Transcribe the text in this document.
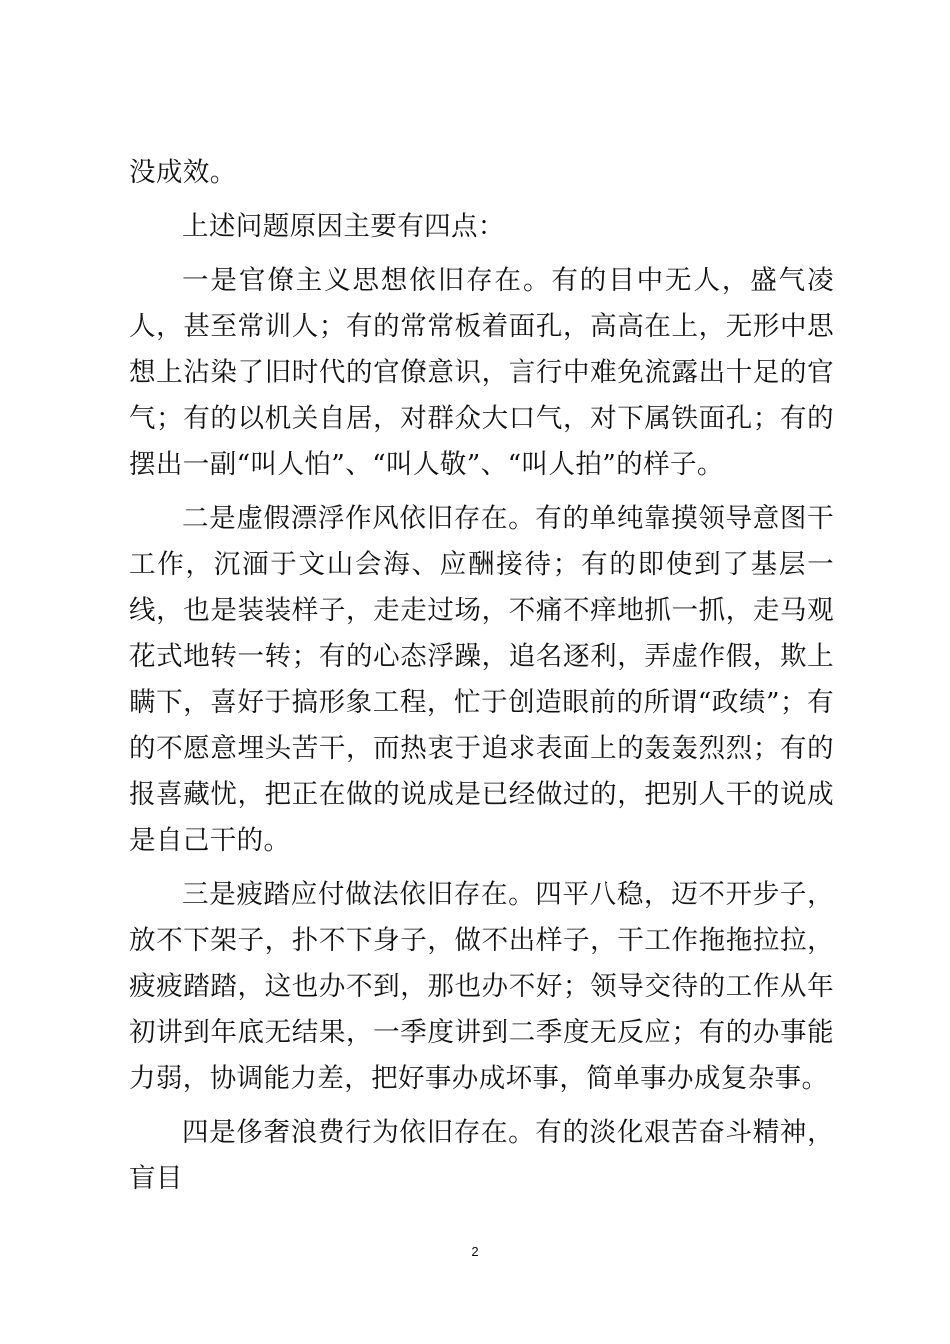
没成效。

上述问题原因主要有四点：

一是官僚主义思想依旧存在。有的目中无人，盛气凌人，甚至常训人；有的常常板着面孔，高高在上，无形中思想上沾染了旧时代的官僚意识，言行中难免流露出十足的官气；有的以机关自居，对群众大口气，对下属铁面孔；有的摆出一副“叫人怕”、“叫人敬”、“叫人拍”的样子。

二是虚假漂浮作风依旧存在。有的单纯靠摸领导意图干工作，沉湎于文山会海、应酬接待；有的即使到了基层一线，也是装装样子，走走过场，不痛不痒地抓一抓，走马观花式地转一转；有的心态浮躁，追名逐利，弄虚作假，欺上瞒下，喜好于搞形象工程，忙于创造眼前的所谓“政绩”；有的不愿意埋头苦干，而热衷于追求表面上的轰轰烈烈；有的报喜藏忧，把正在做的说成是已经做过的，把别人干的说成是自己干的。

三是疲踏应付做法依旧存在。四平八稳，迈不开步子，放不下架子，扑不下身子，做不出样子，干工作拖拖拉拉，疲疲踏踏，这也办不到，那也办不好；领导交待的工作从年初讲到年底无结果，一季度讲到二季度无反应；有的办事能力弱，协调能力差，把好事办成坏事，简单事办成复杂事。

四是侈奢浪费行为依旧存在。有的淡化艰苦奋斗精神，盲目

2
